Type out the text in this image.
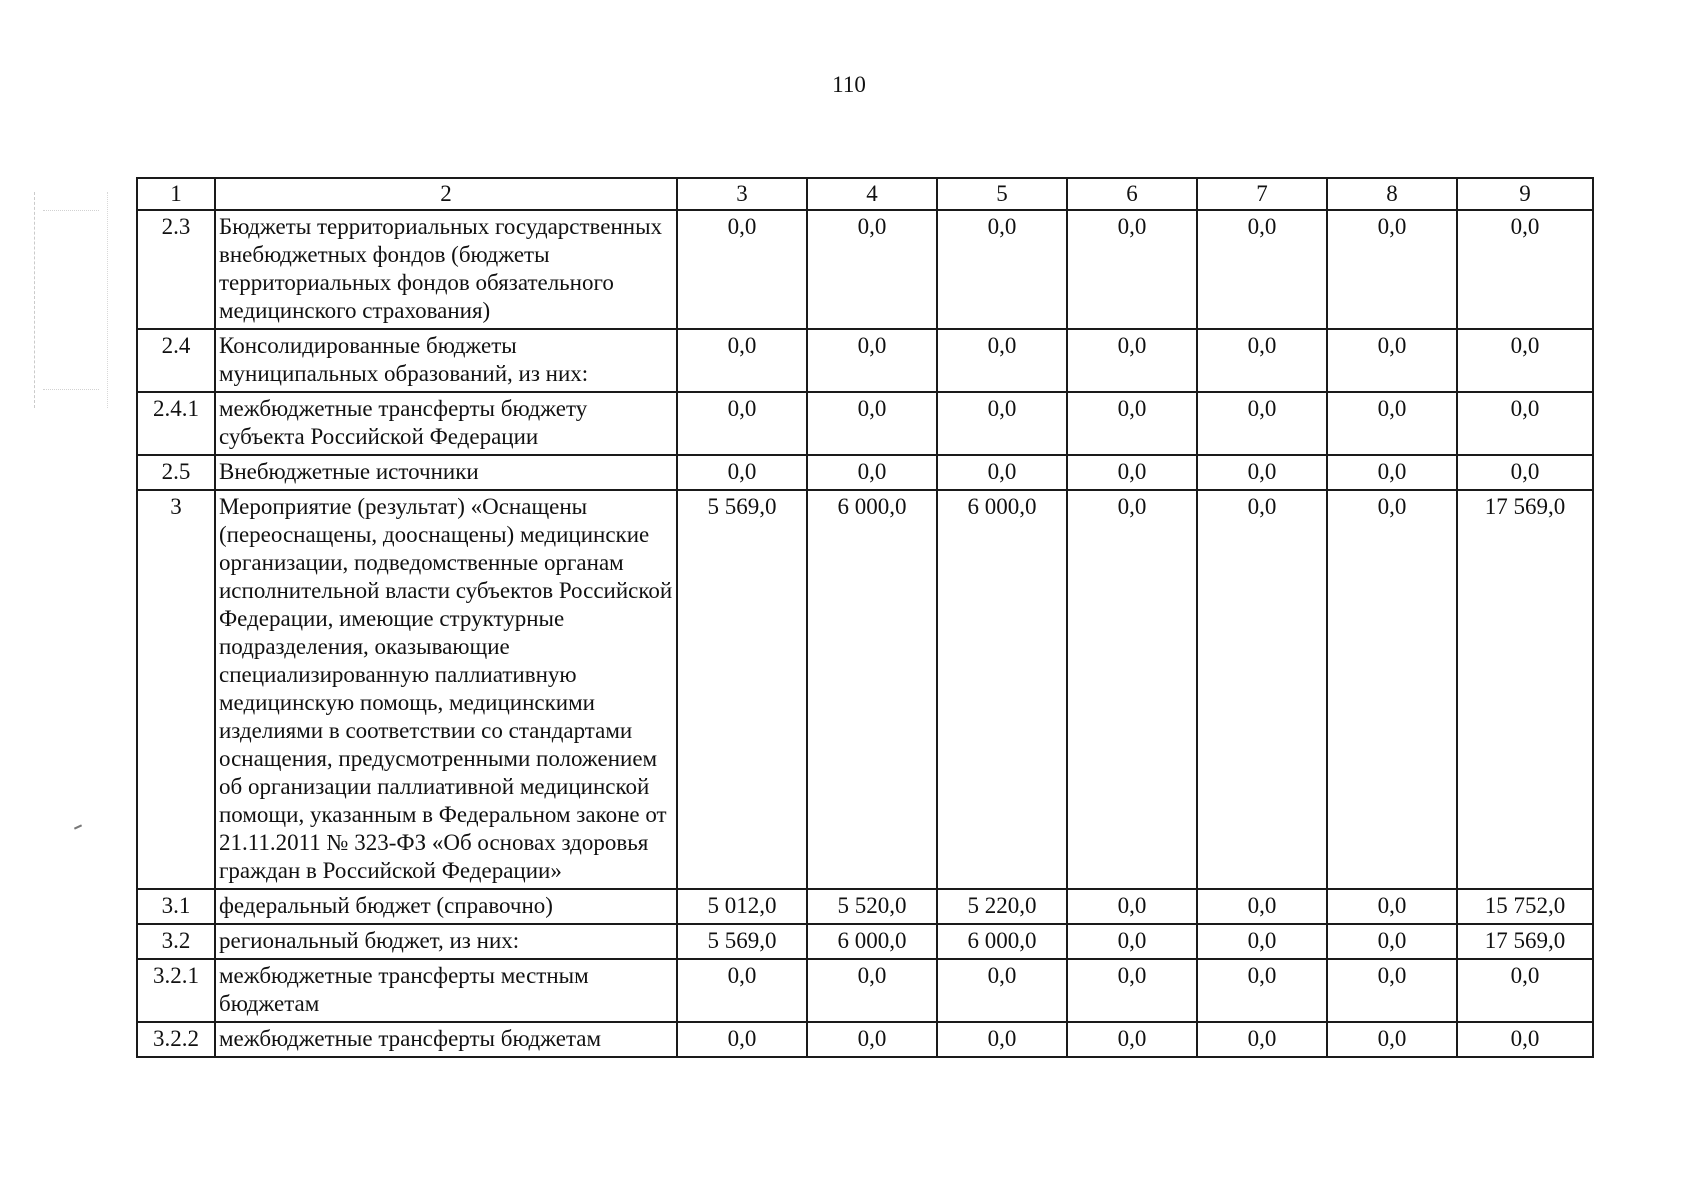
110
1	2	3	4	5	6	7	8	9
2.3	Бюджеты территориальных государственных внебюджетных фондов (бюджеты территориальных фондов обязательного медицинского страхования)	0,0	0,0	0,0	0,0	0,0	0,0	0,0
2.4	Консолидированные бюджеты муниципальных образований, из них:	0,0	0,0	0,0	0,0	0,0	0,0	0,0
2.4.1	межбюджетные трансферты бюджету субъекта Российской Федерации	0,0	0,0	0,0	0,0	0,0	0,0	0,0
2.5	Внебюджетные источники	0,0	0,0	0,0	0,0	0,0	0,0	0,0
3	Мероприятие (результат) «Оснащены (переоснащены, дооснащены) медицинские организации, подведомственные органам исполнительной власти субъектов Российской Федерации, имеющие структурные подразделения, оказывающие специализированную паллиативную медицинскую помощь, медицинскими изделиями в соответствии со стандартами оснащения, предусмотренными положением об организации паллиативной медицинской помощи, указанным в Федеральном законе от 21.11.2011 № 323-ФЗ «Об основах здоровья граждан в Российской Федерации»	5 569,0	6 000,0	6 000,0	0,0	0,0	0,0	17 569,0
3.1	федеральный бюджет (справочно)	5 012,0	5 520,0	5 220,0	0,0	0,0	0,0	15 752,0
3.2	региональный бюджет, из них:	5 569,0	6 000,0	6 000,0	0,0	0,0	0,0	17 569,0
3.2.1	межбюджетные трансферты местным бюджетам	0,0	0,0	0,0	0,0	0,0	0,0	0,0
3.2.2	межбюджетные трансферты бюджетам	0,0	0,0	0,0	0,0	0,0	0,0	0,0
